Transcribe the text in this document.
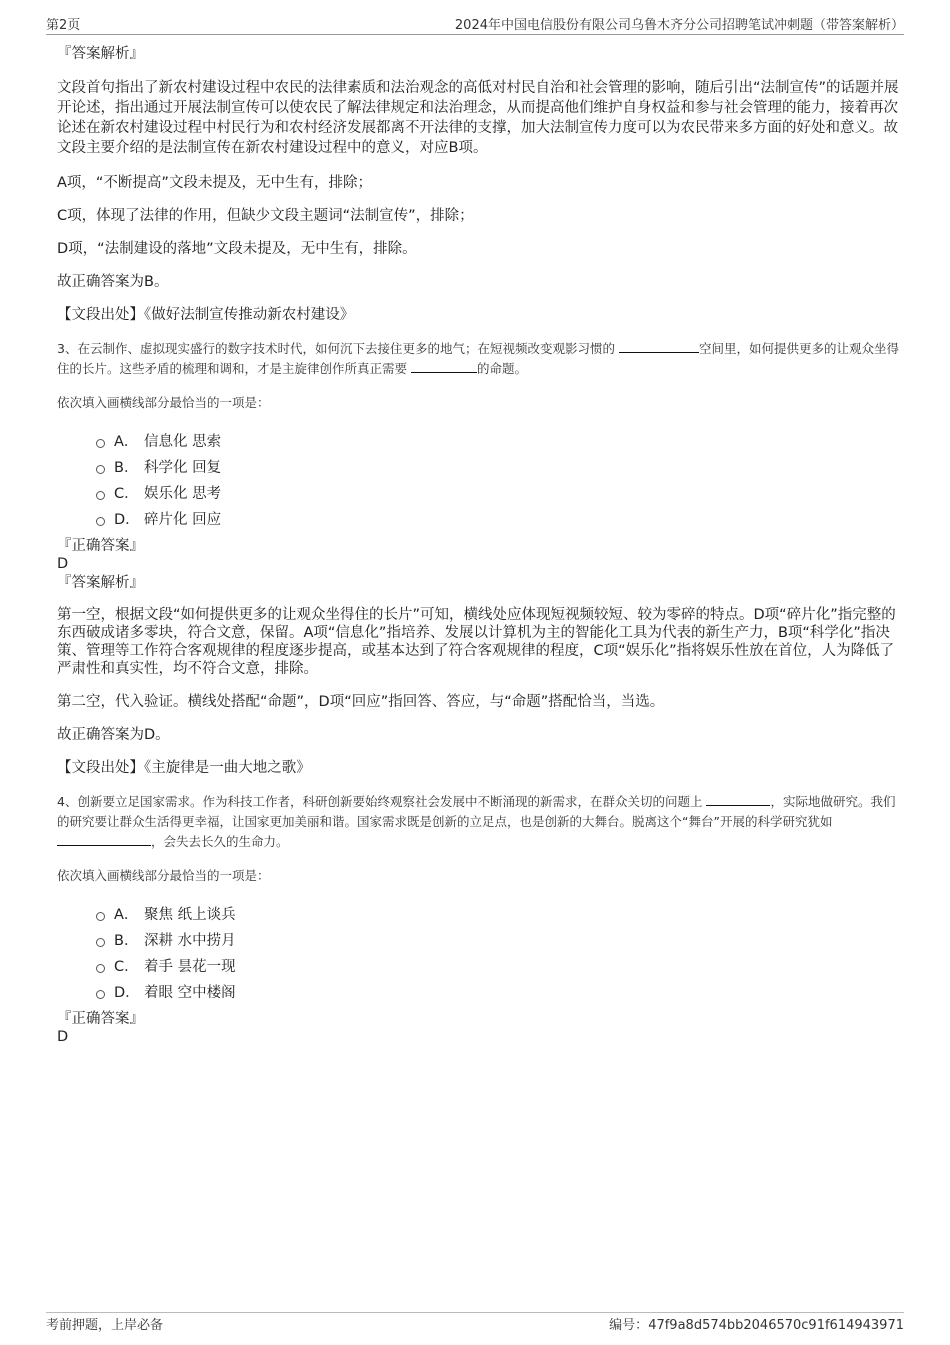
第2页	2024年中国电信股份有限公司乌鲁木齐分公司招聘笔试冲刺题（带答案解析）
『答案解析』

文段首句指出了新农村建设过程中农民的法律素质和法治观念的高低对村民自治和社会管理的影响，随后引出“法制宣传”的话题并展开论述，指出通过开展法制宣传可以使农民了解法律规定和法治理念，从而提高他们维护自身权益和参与社会管理的能力，接着再次论述在新农村建设过程中村民行为和农村经济发展都离不开法律的支撑，加大法制宣传力度可以为农民带来多方面的好处和意义。故文段主要介绍的是法制宣传在新农村建设过程中的意义，对应B项。

A项，“不断提高”文段未提及，无中生有，排除；

C项，体现了法律的作用，但缺少文段主题词“法制宣传”，排除；

D项，“法制建设的落地”文段未提及，无中生有，排除。

故正确答案为B。

【文段出处】《做好法制宣传推动新农村建设》

3、在云制作、虚拟现实盛行的数字技术时代，如何沉下去接住更多的地气；在短视频改变观影习惯的	空间里，如何提供更多的让观众坐得住的长片。这些矛盾的梳理和调和，才是主旋律创作所真正需要	的命题。

依次填入画横线部分最恰当的一项是：

A． 信息化 思索
B． 科学化 回复
C． 娱乐化 思考
D． 碎片化 回应
『正确答案』
D
『答案解析』

第一空，根据文段“如何提供更多的让观众坐得住的长片”可知，横线处应体现短视频较短、较为零碎的特点。D项“碎片化”指完整的东西破成诸多零块，符合文意，保留。A项“信息化”指培养、发展以计算机为主的智能化工具为代表的新生产力，B项“科学化”指决策、管理等工作符合客观规律的程度逐步提高，或基本达到了符合客观规律的程度，C项“娱乐化”指将娱乐性放在首位，人为降低了严肃性和真实性，均不符合文意，排除。

第二空，代入验证。横线处搭配“命题”，D项“回应”指回答、答应，与“命题”搭配恰当，当选。

故正确答案为D。

【文段出处】《主旋律是一曲大地之歌》

4、创新要立足国家需求。作为科技工作者，科研创新要始终观察社会发展中不断涌现的新需求，在群众关切的问题上	，实际地做研究。我们的研究要让群众生活得更幸福，让国家更加美丽和谐。国家需求既是创新的立足点，也是创新的大舞台。脱离这个“舞台”开展的科学研究犹如 ，会失去长久的生命力。

依次填入画横线部分最恰当的一项是：

A． 聚焦 纸上谈兵
B． 深耕 水中捞月
C． 着手 昙花一现
D． 着眼 空中楼阁
『正确答案』
D
考前押题，上岸必备	编号：47f9a8d574bb2046570c91f614943971
